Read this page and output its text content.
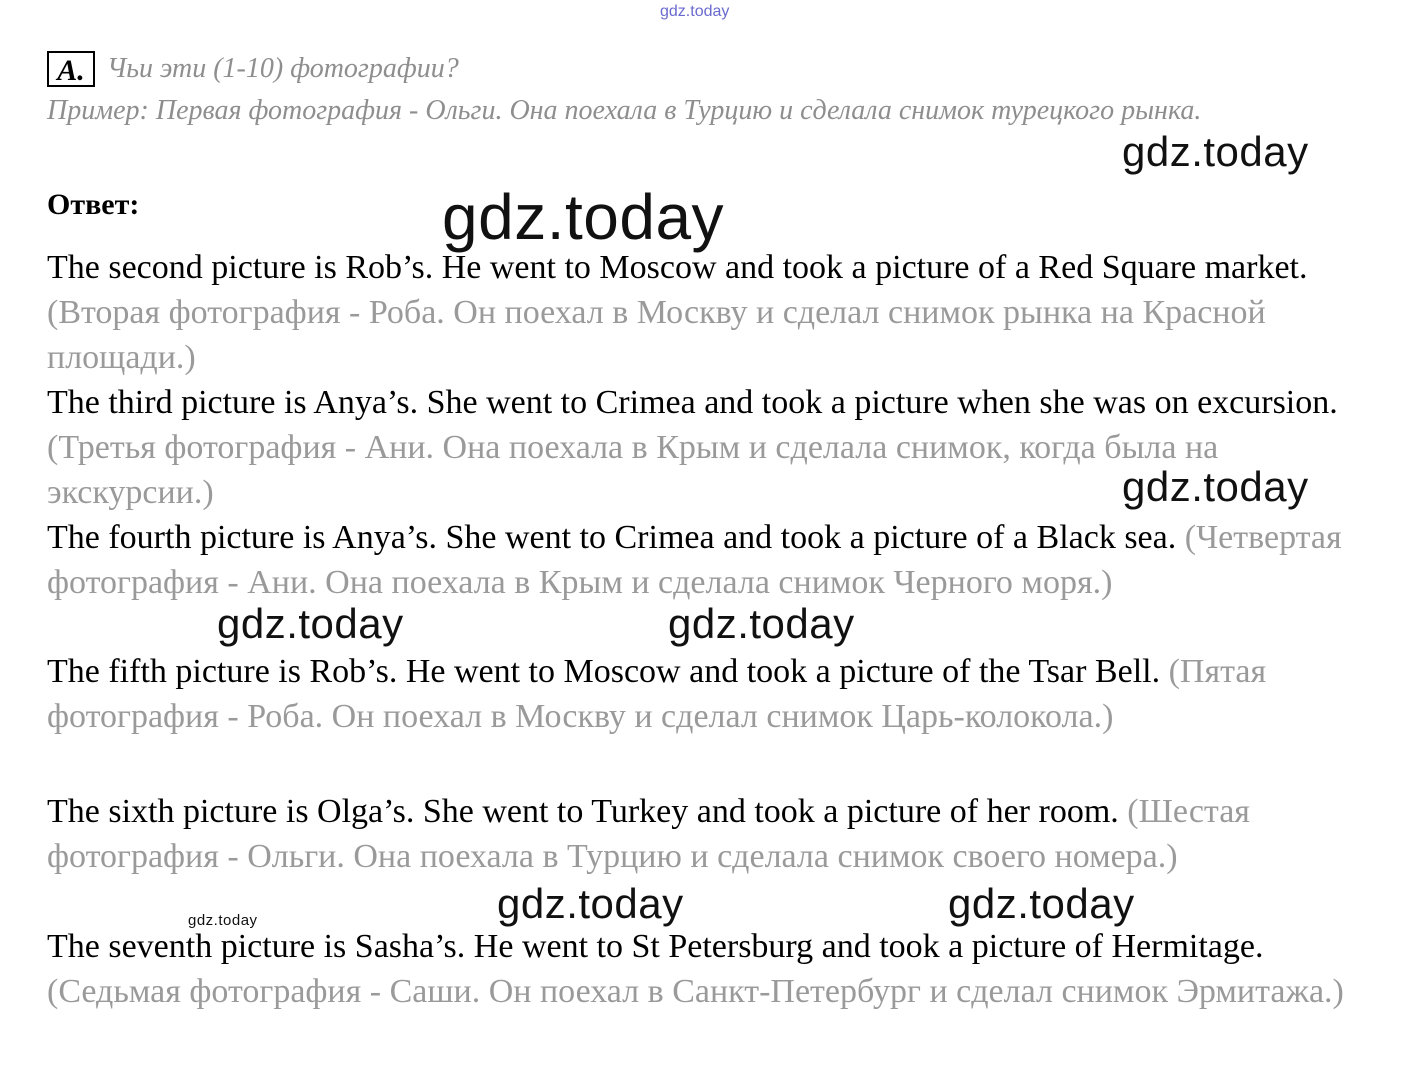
gdz.today
A. Чьи эти (1-10) фотографии?
Пример: Первая фотография - Ольги. Она поехала в Турцию и сделала снимок турецкого рынка.
Ответ:
The second picture is Rob’s. He went to Moscow and took a picture of a Red Square market. (Вторая фотография - Роба. Он поехал в Москву и сделал снимок рынка на Красной площади.)
The third picture is Anya’s. She went to Crimea and took a picture when she was on excursion. (Третья фотография - Ани. Она поехала в Крым и сделала снимок, когда была на экскурсии.)
The fourth picture is Anya’s. She went to Crimea and took a picture of a Black sea. (Четвертая фотография - Ани. Она поехала в Крым и сделала снимок Черного моря.)
The fifth picture is Rob’s. He went to Moscow and took a picture of the Tsar Bell. (Пятая фотография - Роба. Он поехал в Москву и сделал снимок Царь-колокола.)
The sixth picture is Olga’s. She went to Turkey and took a picture of her room. (Шестая фотография - Ольги. Она поехала в Турцию и сделала снимок своего номера.)
The seventh picture is Sasha’s. He went to St Petersburg and took a picture of Hermitage. (Седьмая фотография - Саши. Он поехал в Санкт-Петербург и сделал снимок Эрмитажа.)
gdz.today
gdz.today
gdz.today
gdz.today	gdz.today
gdz.today	gdz.today
gdz.today
